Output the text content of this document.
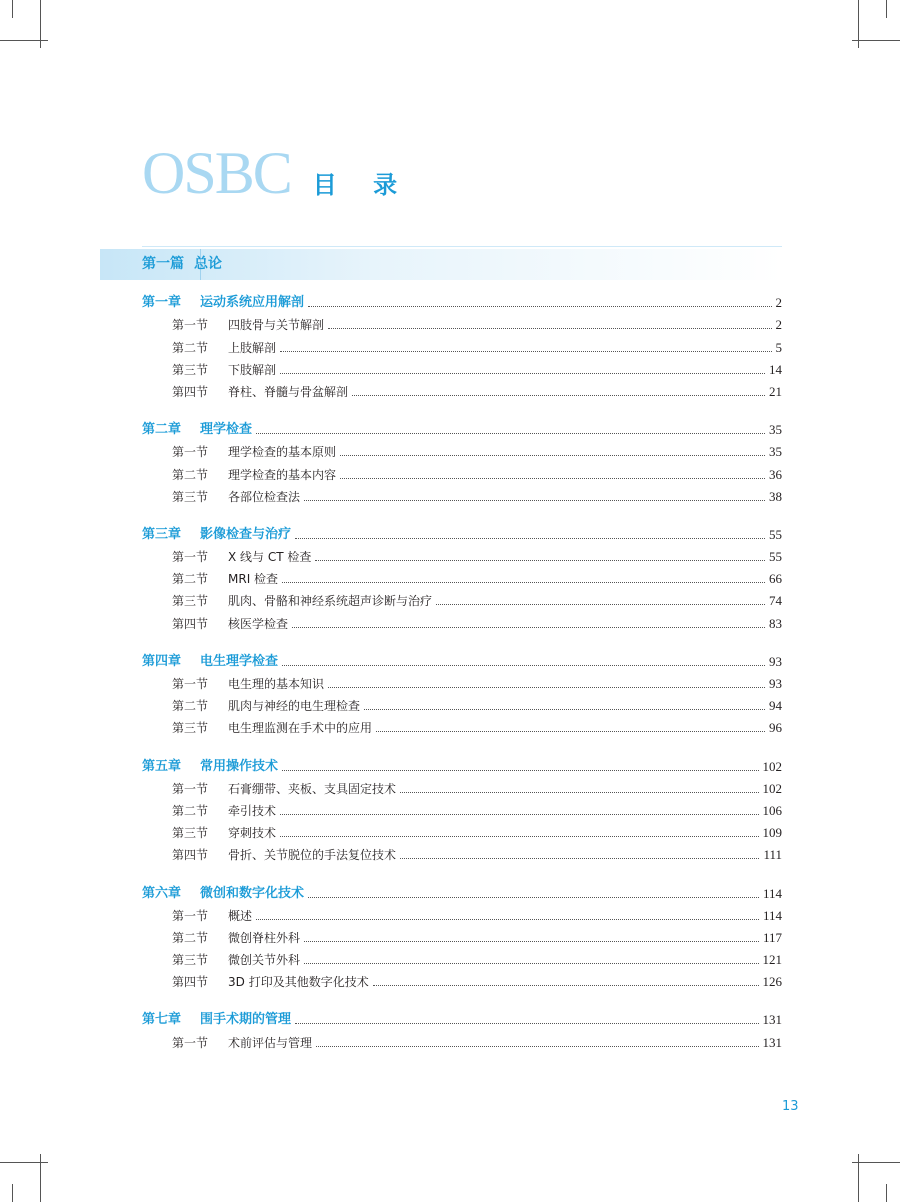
OSBC 目 录
第一篇 总论
第一章	运动系统应用解剖	2
第一节	四肢骨与关节解剖	2
第二节	上肢解剖	5
第三节	下肢解剖	14
第四节	脊柱、脊髓与骨盆解剖	21
第二章	理学检查	35
第一节	理学检查的基本原则	35
第二节	理学检查的基本内容	36
第三节	各部位检查法	38
第三章	影像检查与治疗	55
第一节	X 线与 CT 检查	55
第二节	MRI 检查	66
第三节	肌肉、骨骼和神经系统超声诊断与治疗	74
第四节	核医学检查	83
第四章	电生理学检查	93
第一节	电生理的基本知识	93
第二节	肌肉与神经的电生理检查	94
第三节	电生理监测在手术中的应用	96
第五章	常用操作技术	102
第一节	石膏绷带、夹板、支具固定技术	102
第二节	牵引技术	106
第三节	穿刺技术	109
第四节	骨折、关节脱位的手法复位技术	111
第六章	微创和数字化技术	114
第一节	概述	114
第二节	微创脊柱外科	117
第三节	微创关节外科	121
第四节	3D 打印及其他数字化技术	126
第七章	围手术期的管理	131
第一节	术前评估与管理	131
13
